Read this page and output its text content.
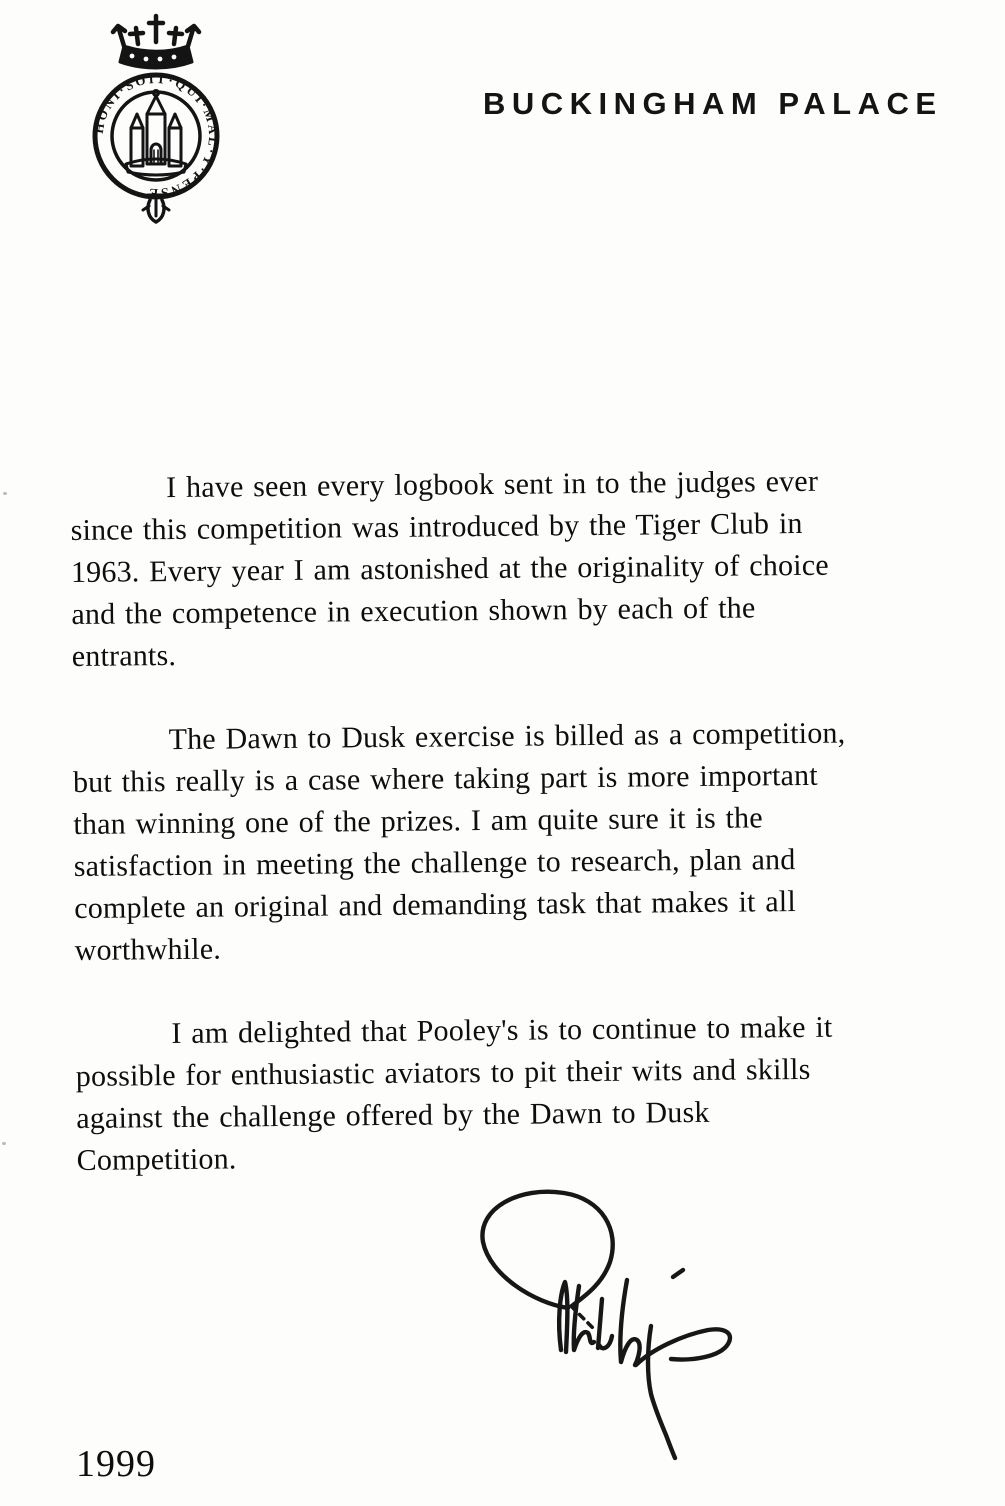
HONI·SOIT·QUI·MAL·Y·PENSE
BUCKINGHAM PALACE

I have seen every logbook sent in to the judges ever
since this competition was introduced by the Tiger Club in
1963. Every year I am astonished at the originality of choice
and the competence in execution shown by each of the
entrants.

The Dawn to Dusk exercise is billed as a competition,
but this really is a case where taking part is more important
than winning one of the prizes. I am quite sure it is the
satisfaction in meeting the challenge to research, plan and
complete an original and demanding task that makes it all
worthwhile.

I am delighted that Pooley's is to continue to make it
possible for enthusiastic aviators to pit their wits and skills
against the challenge offered by the Dawn to Dusk
Competition.

1999
